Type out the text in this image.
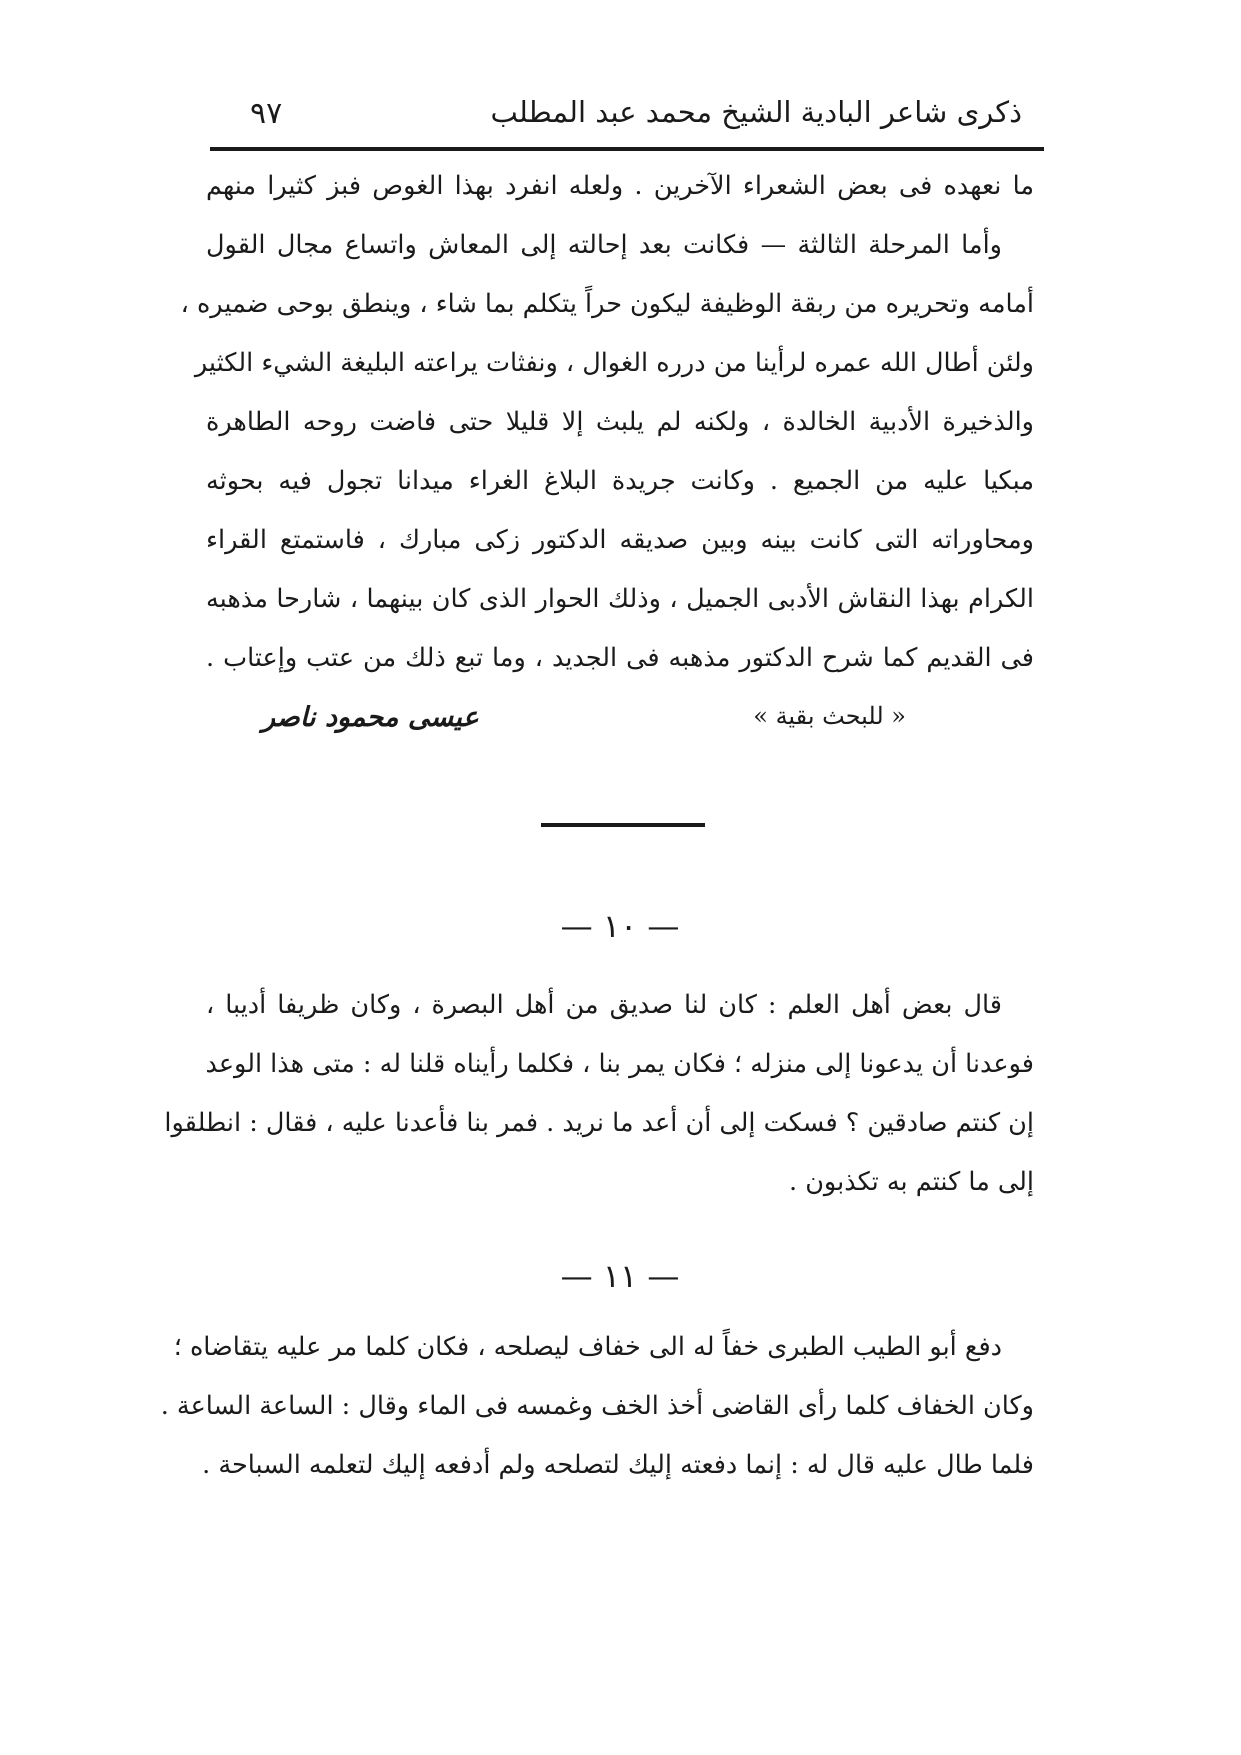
ذكرى شاعر البادية الشيخ محمد عبد المطلب
٩٧
ما نعهده فى بعض الشعراء الآخرين . ولعله انفرد بهذا الغوص فبز كثيرا منهم
وأما المرحلة الثالثة — فكانت بعد إحالته إلى المعاش واتساع مجال القول
أمامه وتحريره من ربقة الوظيفة ليكون حراً يتكلم بما شاء ، وينطق بوحى ضميره ،
ولئن أطال الله عمره لرأينا من درره الغوال ، ونفثات يراعته البليغة الشيء الكثير
والذخيرة الأدبية الخالدة ، ولكنه لم يلبث إلا قليلا حتى فاضت روحه الطاهرة
مبكيا عليه من الجميع . وكانت جريدة البلاغ الغراء ميدانا تجول فيه بحوثه
ومحاوراته التى كانت بينه وبين صديقه الدكتور زكى مبارك ، فاستمتع القراء
الكرام بهذا النقاش الأدبى الجميل ، وذلك الحوار الذى كان بينهما ، شارحا مذهبه
فى القديم كما شرح الدكتور مذهبه فى الجديد ، وما تبع ذلك من عتب وإعتاب .
« للبحث بقية »
عيسى محمود ناصر
— ١٠ —
قال بعض أهل العلم : كان لنا صديق من أهل البصرة ، وكان ظريفا أديبا ،
فوعدنا أن يدعونا إلى منزله ؛ فكان يمر بنا ، فكلما رأيناه قلنا له : متى هذا الوعد
إن كنتم صادقين ؟ فسكت إلى أن أعد ما نريد . فمر بنا فأعدنا عليه ، فقال : انطلقوا
إلى ما كنتم به تكذبون .
— ١١ —
دفع أبو الطيب الطبرى خفاً له الى خفاف ليصلحه ، فكان كلما مر عليه يتقاضاه ؛
وكان الخفاف كلما رأى القاضى أخذ الخف وغمسه فى الماء وقال : الساعة الساعة .
فلما طال عليه قال له : إنما دفعته إليك لتصلحه ولم أدفعه إليك لتعلمه السباحة .
